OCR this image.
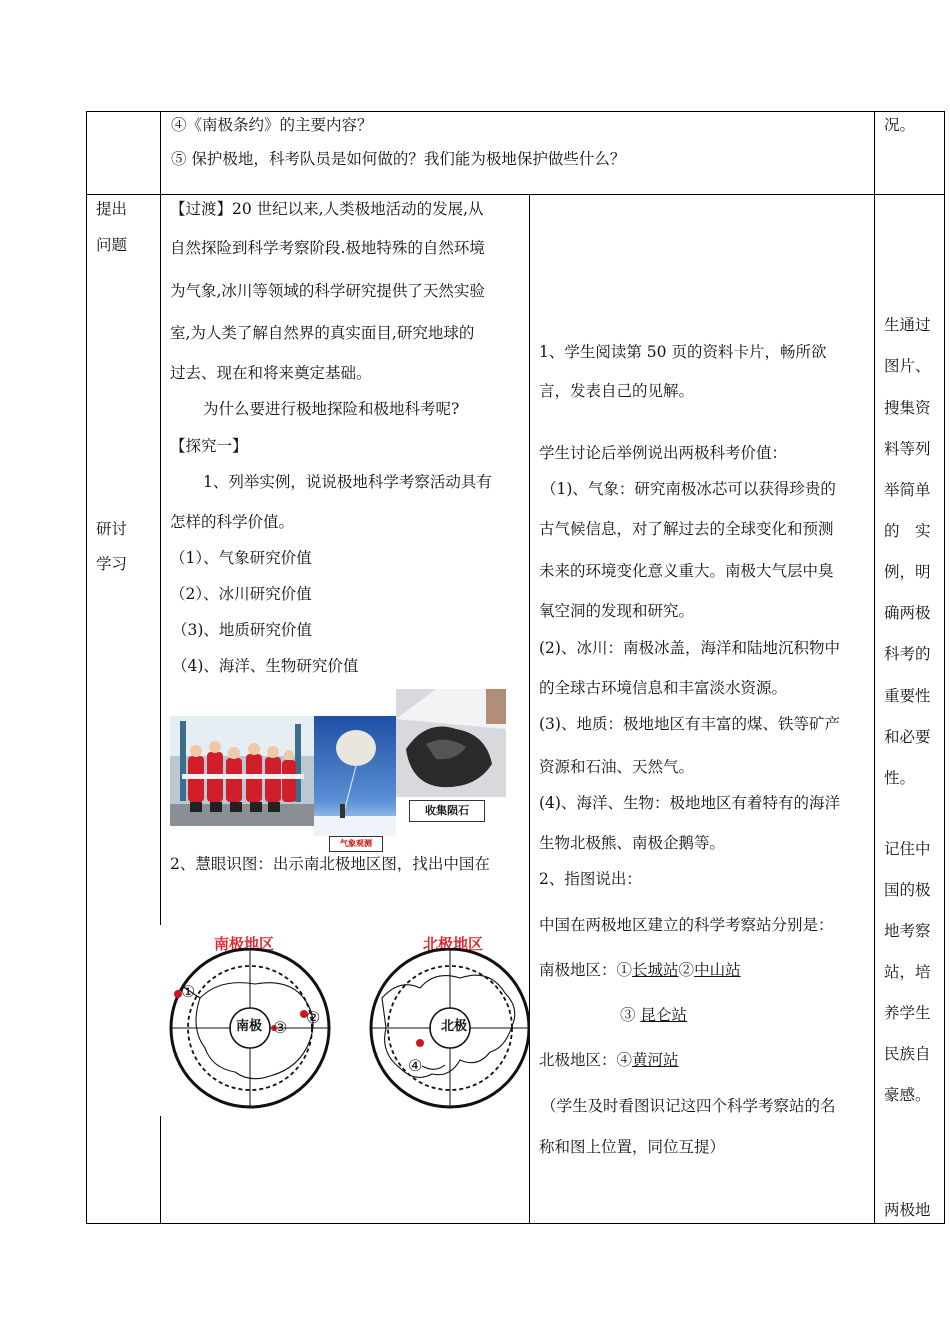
④《南极条约》的主要内容？
⑤ 保护极地，科考队员是如何做的？我们能为极地保护做些什么？
况。
提出
问题
研讨
学习
【过渡】20 世纪以来,人类极地活动的发展,从
自然探险到科学考察阶段.极地特殊的自然环境
为气象,冰川等领域的科学研究提供了天然实验
室,为人类了解自然界的真实面目,研究地球的
过去、现在和将来奠定基础。
为什么要进行极地探险和极地科考呢?
【探究一】
1、列举实例，说说极地科学考察活动具有
怎样的科学价值。
（1）、气象研究价值
（2）、冰川研究价值
（3)、地质研究价值
（4)、海洋、生物研究价值
2、慧眼识图：出示南北极地区图，找出中国在
气象观测
收集陨石
南极地区	北极地区
南极	北极
①
②
③
④
1、学生阅读第 50 页的资料卡片，畅所欲
言，发表自己的见解。
学生讨论后举例说出两极科考价值：
（1)、气象：研究南极冰芯可以获得珍贵的
古气候信息，对了解过去的全球变化和预测
未来的环境变化意义重大。南极大气层中臭
氧空洞的发现和研究。
(2)、冰川：南极冰盖，海洋和陆地沉积物中
的全球古环境信息和丰富淡水资源。
(3)、地质：极地地区有丰富的煤、铁等矿产
资源和石油、天然气。
(4)、海洋、生物：极地地区有着特有的海洋
生物北极熊、南极企鹅等。
2、指图说出：
中国在两极地区建立的科学考察站分别是：
南极地区：①长城站②中山站
③ 昆仑站
北极地区：④黄河站
（学生及时看图识记这四个科学考察站的名
称和图上位置，同位互提）
生通过
图片、
搜集资
料等列
举简单
的　实
例，明
确两极
科考的
重要性
和必要
性。
记住中
国的极
地考察
站，培
养学生
民族自
豪感。
两极地
